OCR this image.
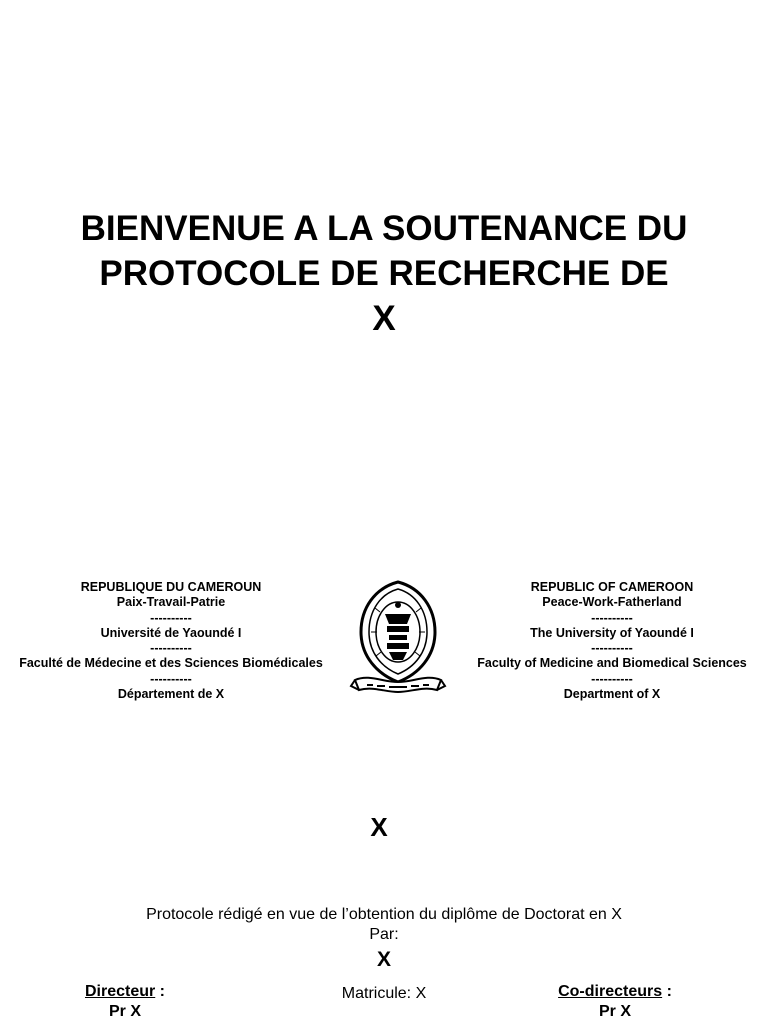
BIENVENUE A LA SOUTENANCE DU
PROTOCOLE DE RECHERCHE DE
X
REPUBLIQUE DU CAMEROUN
Paix-Travail-Patrie
----------
Université de Yaoundé I
----------
Faculté de Médecine et des Sciences Biomédicales
----------
Département de X
REPUBLIC OF CAMEROON
Peace-Work-Fatherland
----------
The University of Yaoundé I
----------
Faculty of Medicine and Biomedical Sciences
----------
Department of X
X
Protocole rédigé en vue de l’obtention du diplôme de Doctorat en X
Par:
X
Directeur :
Pr X
Matricule: X	Co-directeurs :
Pr X
